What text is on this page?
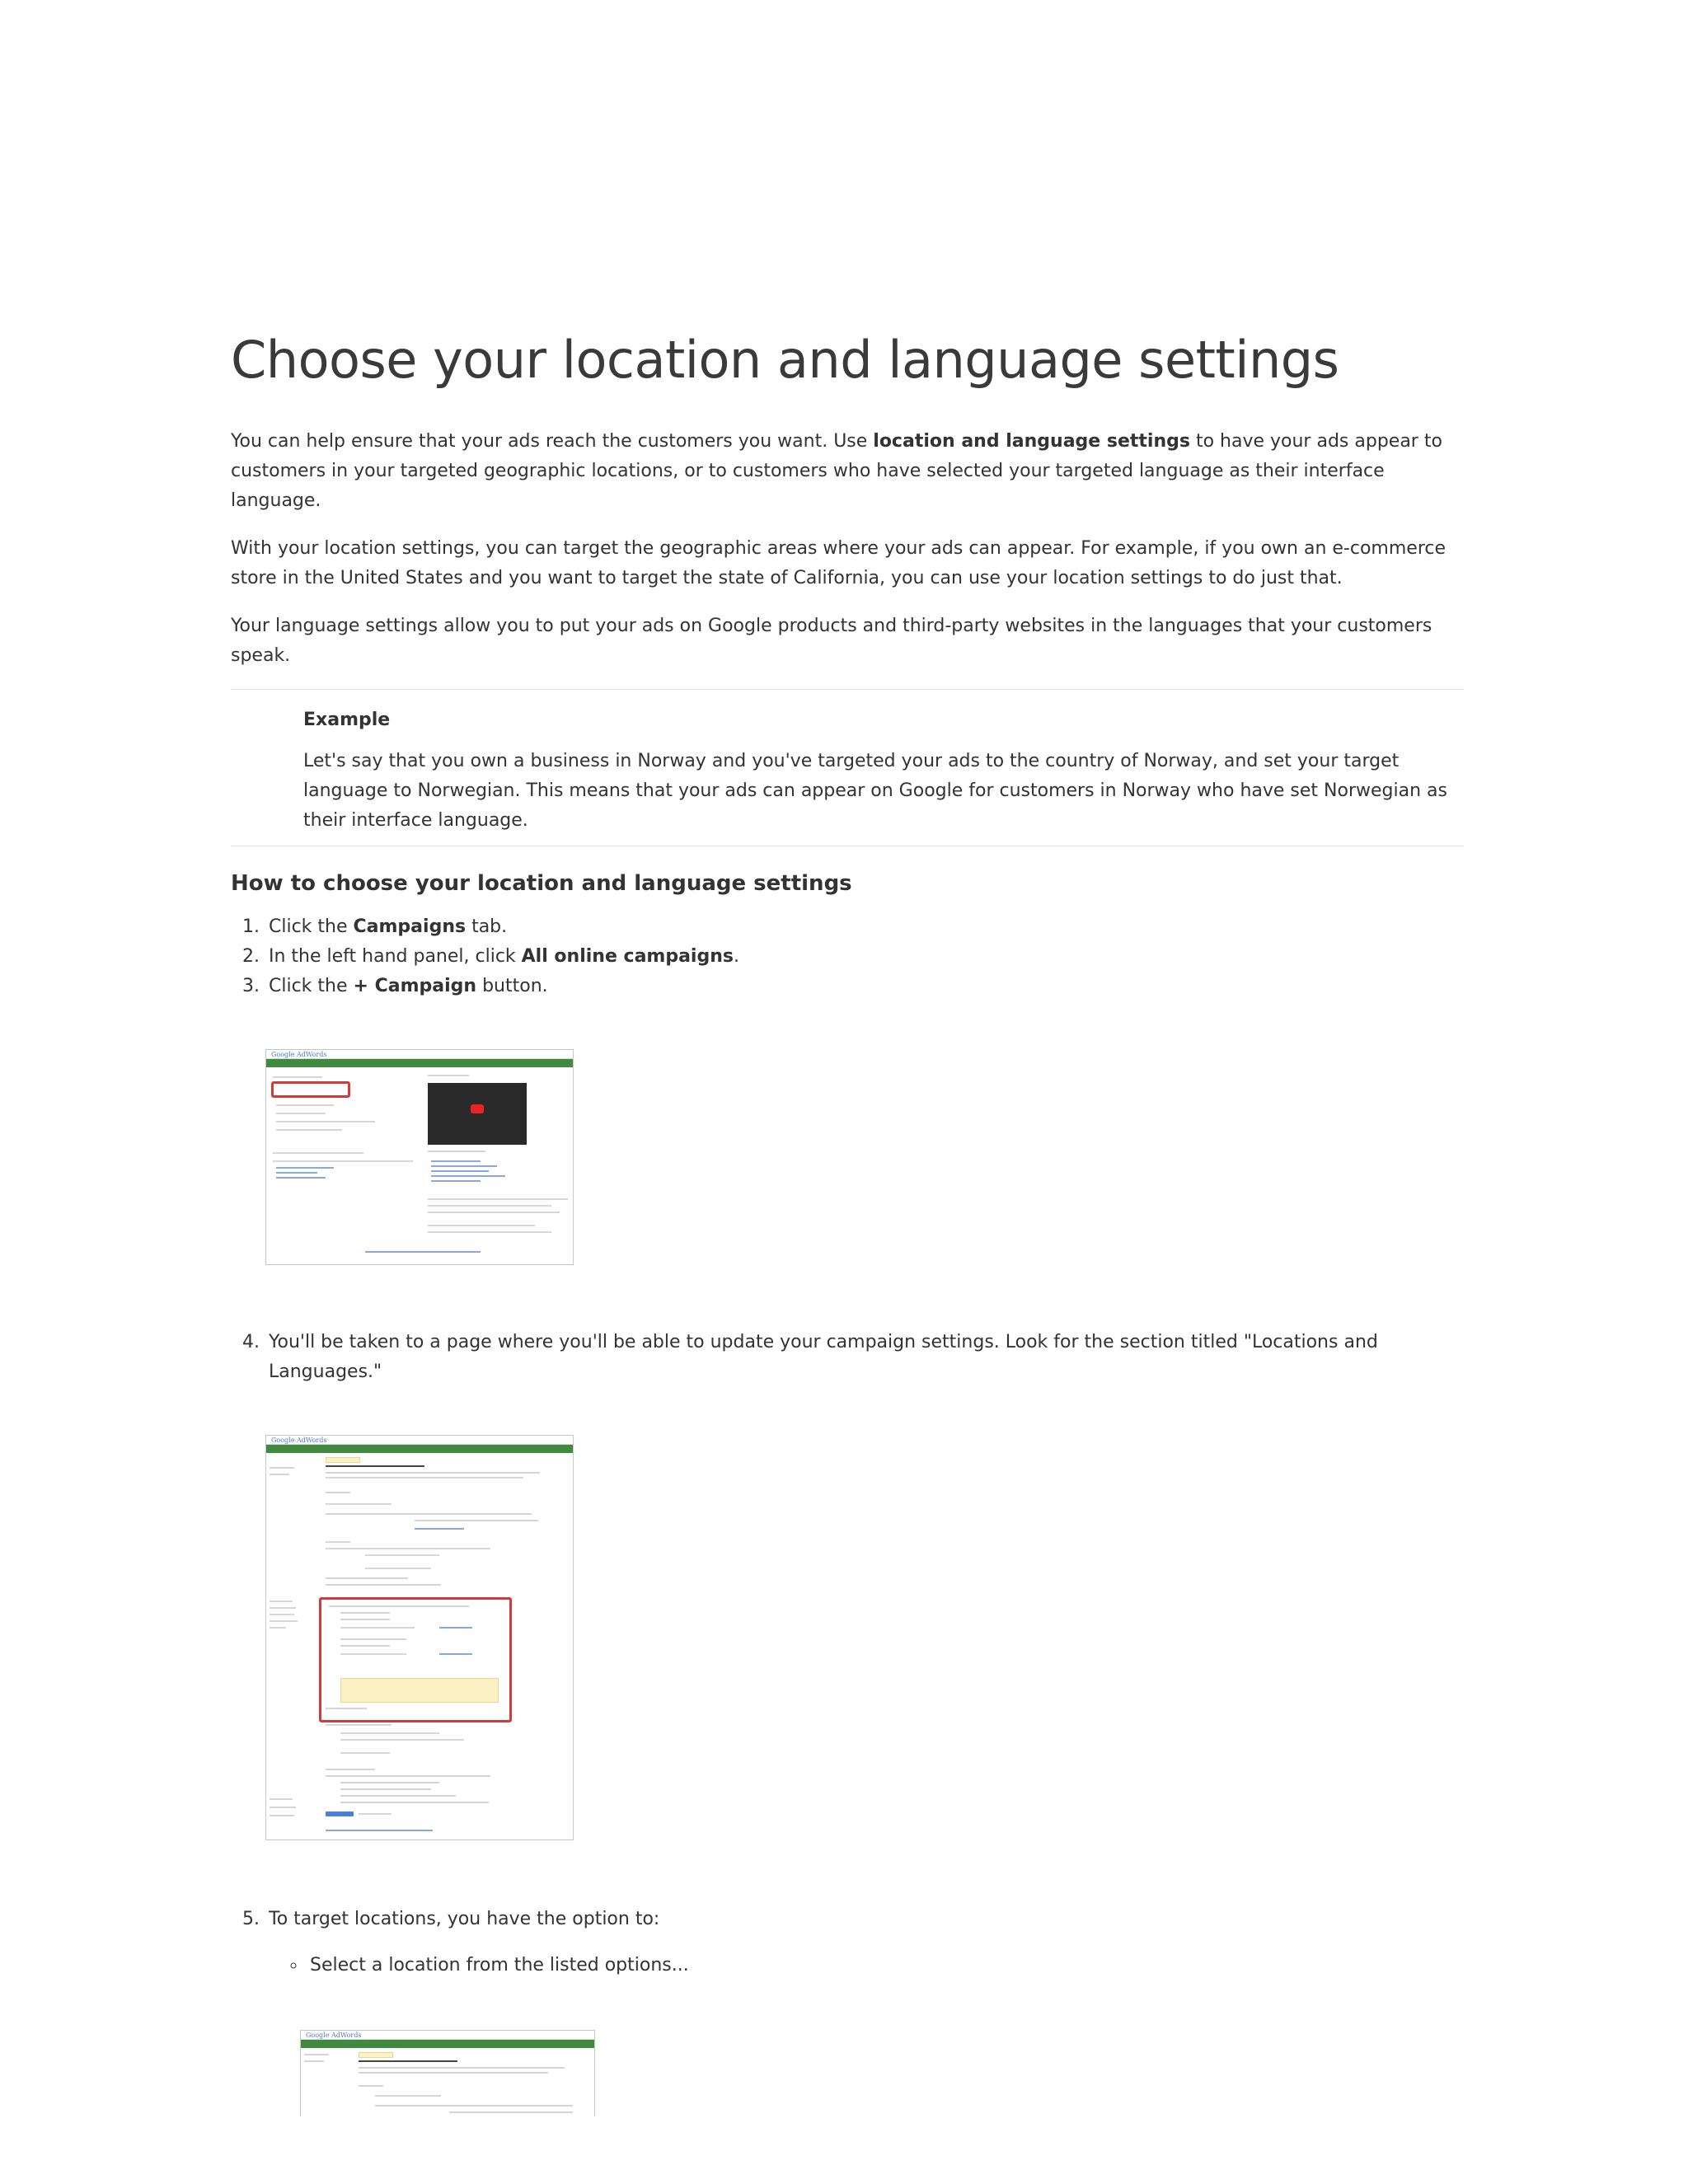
Choose your location and language settings

You can help ensure that your ads reach the customers you want. Use location and language settings to have your ads appear to customers in your targeted geographic locations, or to customers who have selected your targeted language as their interface language.

With your location settings, you can target the geographic areas where your ads can appear. For example, if you own an e-commerce store in the United States and you want to target the state of California, you can use your location settings to do just that.

Your language settings allow you to put your ads on Google products and third-party websites in the languages that your customers speak.

Example

Let's say that you own a business in Norway and you've targeted your ads to the country of Norway, and set your target language to Norwegian. This means that your ads can appear on Google for customers in Norway who have set Norwegian as their interface language.

How to choose your location and language settings
1. Click the Campaigns tab.
2. In the left hand panel, click All online campaigns.
3. Click the + Campaign button.
Google AdWords
4. You'll be taken to a page where you'll be able to update your campaign settings. Look for the section titled "Locations and Languages."
Google AdWords
5. To target locations, you have the option to:
◦ Select a location from the listed options...
Google AdWords
